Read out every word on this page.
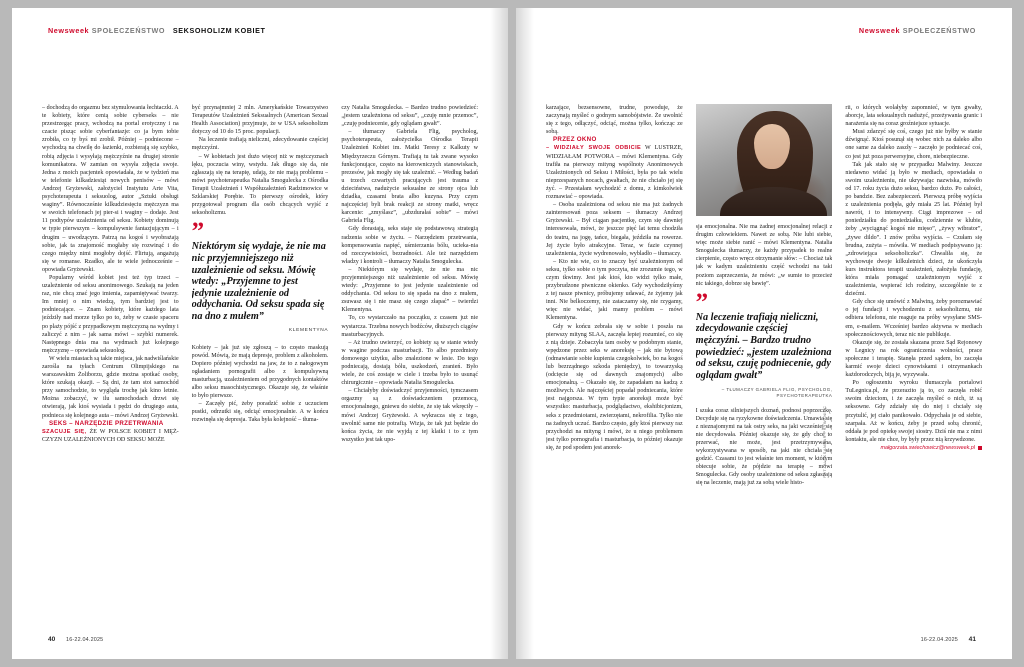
Newsweek SPOŁECZEŃSTWO SEKSOHOLIZM KOBIET

– dochodzą do orgazmu bez stymulowania łechtaczki. A te kobiety, które cenią sobie cyberseks – nie przestrzegąc pracy, wchodzą na portal erotyczny i na czacie pisząc sobie cyberfantazje: co ja bym tobie zrobiła, co ty byś mi zrobił. Później – podniecone – wychodzą na chwilę do łazienki, rozbierają się szybko, robią zdjęcia i wysyłają mężczyźnie na drugiej stronie komunikatora. W zamian on wysyła zdjęcia swoje. Jedna z moich pacjentek opowiadała, że w tydzień ma w telefonie kilkadziesiąt nowych penisów – mówi Andrzej Gryżewski, założyciel Instytutu Arte Vita, psychoterapeuta i seksuolog, autor „Sztuki obsługi waginy”. Równocześnie kilkudziesięciu mężczyzn ma w swoich telefonach jej pier-si i waginy – dodaje. Jest 11 podtypów uzależnienia od seksu. Kobiety dominują w typie pierwszym – kompulsywnie fantazjującym – i drugim – uwodzącym. Patrzą na kogoś i wyobrażają sobie, jak ta znajomość mogłaby się rozwinąć i do czego między nimi mogłoby dojść. Flirtują, angażują się w romanse. Rzadko, ale te wiele jednocześnie – opowiada Gryżewski.

Popularny wśród kobiet jest też typ trzeci – uzależnienie od seksu anonimowego. Szukają na jeden raz, nie chcą znać jego imienia, zapamiętywać twarzy. Im mniej o nim wiedzą, tym bardziej jest to podniecające. – Znam kobiety, które każdego lata jeździły nad morze tylko po to, żeby w czasie spaceru po plaży pójść z przypadkowym mężczyzną na wydmy i zaliczyć z nim – jak sama mówi – szybki numerek. Następnego dnia ma na wydmach już kolejnego mężczyznę – opowiada seksuolog.

W wielu miastach są takie miejsca, jak nadwiślańskie zarośla na tyłach Centrum Olimpijskiego na warszawskim Żoliborzu, gdzie można spotkać osoby, które szukają okazji. – Są dni, że tam stoi samochód przy samochodzie, to wygląda trochę jak kino letnie. Można zobaczyć, w ilu samochodach drzwi się otwierają, jak ktoś wysiada i pędzi do drugiego auta, podnieca się kolejnego auta – mówi Andrzej Gryżewski.

SEKS – NARZĘDZIE PRZETRWANIA

SZACUJE SIĘ, ŻE W POLSCE KOBIET I MĘŻ-CZYZN UZALEŻNIONYCH OD SEKSU MOŻE

być przynajmniej 2 mln. Amerykańskie Towarzystwo Terapeutów Uzależnień Seksualnych (American Sexual Health Association) przyjmuje, że w USA seksoholizm dotyczy od 10 do 15 proc. populacji.

Na leczenie trafiają nieliczni, zdecydowanie częściej mężczyźni.

– W kobietach jest dużo więcej niż w mężczyznach lęku, poczucia winy, wstydu. Jak długo się da, nie zgłaszają się na terapię, udają, że nie mają problemu – mówi psychoterapeutka Natalia Smogulecka z Ośrodka Terapii Uzależnień i Współuzależnień Radzimowice w Szklarskiej Porębie. To pierwszy ośrodek, który przygotował program dla osób chcących wyjść z seksoholizmu.

”
Niektórym się wydaje, że nie ma nic przyjemniejszego niż uzależnienie od seksu. Mówię wtedy: „Przyjemne to jest jedynie uzależnienie od oddychania. Od seksu spada się na dno z mułem”
KLEMENTYNA

Kobiety – jak już się zgłoszą – to często maskują powód. Mówią, że mają depresje, problem z alkoholem. Dopiero później wychodzi na jaw, że to z nałogowym ogładaniem pornografii albo z kompulsywną masturbacją, uzależnieniem od przygodnych kontaktów albo seksu masochistycznego. Okazuje się, że właśnie to było pierwsze.

– Zaczęły pić, żeby poradzić sobie z uczuciem pustki, odrzutki się, odciąć emocjonalnie. A w końcu rozwinęła się depresja. Taka była kolejność – tłuma-

czy Natalia Smogulecka. – Bardzo trudno powiedzieć: „jestem uzależniona od seksu”, „czuję mnie przemoc”, „czuję podniecenie, gdy oglądam gwałt”.

– tłumaczy Gabriela Flig, psycholog, psychoterapeuta, założycielka Ośrodka Terapii Uzależnień Kobiet im. Matki Teresy z Kalkuty w Międzyrzeczu Górnym. Trafiają tu tak zwane wysoko funkcjonujące, często na kierowniczych stanowiskach, prezesów, jak mogły się tak uzależnić. – Według badań u trzech czwartych pracujących jest trauma z dzieciństwa, nadużycie seksualne ze strony ojca lub dziadka, czasami brata albo kuzyna. Przy czym najczęściej byli brak reakcji ze strony matki, wręcz karcenie: „zmyślasz”, „ubzdurałaś sobie” – mówi Gabriela Flig.

Gdy dorastają, seks staje się podstawową strategią radzenia sobie w życiu. – Narzędziem przetrwania, kompensowania napięć, uśmierzania bólu, ucieka-nia od rzeczywistości, bezradności. Ale też narzędziem władzy i kontroli – tłumaczy Natalia Smogulecka.

– Niektórym się wydaje, że nie ma nic przyjemniejszego niż uzależnienie od seksu. Mówię wtedy: „Przyjemne to jest jedynie uzależnienie od oddychania. Od seksu to się spada na dno z mułem, zsuwasz się i nie masz się czego złapać” – twierdzi Klementyna.

To, co wystarczało na początku, z czasem już nie wystarcza. Trzebna nowych bodźców, dłuższych ciągów masturbacyjnych.

– Aż trudno uwierzyć, co kobiety są w stanie wtedy w wagine podczas masturbacji. To albo przedmioty domowego użytku, albo znalezione w lesie. Do tego podniecają, dostają bólu, uszkodzeń, zranień. Było wiele, że coś zostaje w ciele i trzeba było to usunąć chirurgicznie – opowiada Natalia Smogulecka.

– Chciałyby doświadczyć przyjemności, tymczasem orgazmy są z doświadczeniem przemocą, emocjonalnego, gniewu do siebie, że się tak wkręciły – mówi Andrzej Gryżewski. A wykracza się z tego, uwolnić same nie potrafią. Wizja, że tak już będzie do końca życia, że nie wyjdą z tej klatki i to z tym wszystko jest tak upo-

40 16-22.04.2025
Newsweek SPOŁECZEŃSTWO

karzające, bezsensowne, trudne, powoduje, że zaczynają myśleć o godnym samobójstwie. Że uwolnić się z tego, odłączyć, odciąć, można tylko, kończąc ze sobą.

PRZEZ OKNO

– WIDZIAŁY SWOJE ODBICIE W LUSTRZE, WIDZIAŁAM POTWORA – mówi Klementyna. Gdy trafiła na pierwszy mityng wspólnoty Anonimowych Uzależnionych od Seksu i Miłości, była po tak wielu nieprzespanych nocach, gwałtach, że nie chciało jej się żyć. – Przestałam wychodzić z domu, z kimkolwiek rozmawiać – opowiada.

– Osoba uzależniona od seksu nie ma już żadnych zainteresowań poza seksem – tłumaczy Andrzej Gryżewski. – Był ciągan pacjentkę, czym się dawniej interesowała, mówi, że jeszcze pięć lat temu chodziła do teatru, na jogę, tańce, biegała, jeździła na rowerze. Jej życie było atrakcyjne. Teraz, w fazie czynnej uzależnienia, życie wydrenowało, wybladło – tłumaczy.

– Kto nie wie, co to znaczy być uzależnionym od seksu, tylko sobie o tym poczyta, nie zrozumie tego, w czym tkwimy. Jest jak ktoś, kto widzi tylko małe, przybrudzone piwniczne okienko. Gdy wychodziłyśmy z tej nasze piwnicy, próbujemy udawać, że żyjemy jak inni. Nie belkoczemy, nie zataczamy się, nie rzygamy, więc nie widać, jaki mamy problem – mówi Klementyna.

Gdy w końcu zebrała się w sobie i poszła na pierwszy mityng SLAA, zaczęła lepiej rozumieć, co się z nią dzieje. Zobaczyła tam osoby w podobnym stanie, wpędzone przez seks w anoreksję – jak nie bytową (odmawianie sobie kupienia czegokolwiek, bo na kogoś lub bezrządnego szkoda pieniędzy), to towarzyską (odcięcie się od dawnych znajomych) albo emocjonalną. – Okazało się, że zapadałam na kadzą z możliwych. Ale najczęściej popadał podniecania, które jest najgorsza. W tym typie anoreksji może być wszystko: masturbacja, podglądactwo, ekshibicjonizm, seks z przedmiotami, zwierzętami, nekrofilia. Tylko nie na żadnych uczuć. Bardzo często, gdy ktoś pierwszy raz przychodzi na mityng i mówi, że u niego problemem jest tylko pornografia i masturbacja, to później okazuje się, że pod spodem jest anorek-

sja emocjonalna. Nie ma żadnej emocjonalnej relacji z drugim człowiekiem. Nawet ze sobą. Nie lubi siebie, więc może siebie ranić – mówi Klementyna. Natalia Smogulecka tłumaczy, że każdy przypadek to realne cierpienie, często wręcz otrzymanie słów: – Chociaż tak jak w kadym uzależnieniu część wchodzi na taki poziom zaprzeczenia, że mówi: „w sumie to przecież nic takiego, dobrze się bawię”.

”
Na leczenie trafiają nieliczni, zdecydowanie częściej mężczyźni. – Bardzo trudno powiedzieć: „jestem uzależniona od seksu, czuję podniecenie, gdy oglądam gwałt”
– TŁUMACZY GABRIELA FLIG, PSYCHOLOG, PSYCHOTERAPEUTKA

I szuka coraz silniejszych doznań, podnosi poprzeczkę. Decyduje się na ryzykowne doświadczenia. Umawia się z nieznajomymi na tak ostry seks, na jaki wcześniej się nie decydowała. Później okazuje się, że gdy chce to przerwać, nie może, jest przetrzymywana, wykorzystywana w sposób, na jaki nie chciała się godzić. Czasami to jest właśnie ten moment, w którym obiecuje sobie, że pójdzie na terapię – mówi Smogulecka. Gdy osoby uzależnione od seksu zgłaszają się na leczenie, mają już za sobą wiele histo-

rii, o których wolałyby zapomnieć, w tym gwałty, aborcje, lata seksualnych nadużyć, przeżywania granic i narażenia się na coraz groźniejsze sytuacje.

Musi zdarzyć się coś, czego już nie byłby w stanie dźwignąć. Ktoś posunął się wobec nich za daleko albo one same za daleko zaszły – zaczęło je podniecać coś, co jest już poza perwersyjne, chore, niebezpieczne.

Tak jak stało się w przypadku Malwiny. Jeszcze niedawno widać ją było w mediach, opowiadała o swoim uzależnieniu, nie ukrywając nazwiska, mówiło od 17. roku życia dużo seksu, bardzo dużo. Po całości, po bandzie. Bez zabezpieczeń. Pierwszą próbę wyjścia z uzależnienia podjęła, gdy miała 25 lat. Później był nawrót, i to intensywny. Ciągi imprezowe – od poniedziałku do poniedziałku, codziennie w klubie, żeby „wyciągnąć kogoś nie mięso”, „żywy wibrator”, „żywe dildo”. I znów próba wyjścia. – Czułam się brudna, zużyta – mówiła. W mediach podpisywano ją: „zdrowiejąca seksoholiczka”. Chwaliła się, że wychowuje dwoje kilkuletnich dzieci, że ukończyła kurs instruktora terapii uzależnień, założyła fundację, która miała pomagać uzależnionym wyjść z uzależnienia, wspierać ich rodziny, szczególnie te z dziećmi.

Gdy chce się umówić z Malwiną, żeby porozmawiać o jej fundacji i wychodzeniu z seksoholizmu, nie odbiera telefonu, nie reaguje na próby wysyłane SMS-em, e-mailem. Wcześniej bardzo aktywna w mediach społecznościowych, teraz nic nie publikuje.

Okazuje się, że została skazana przez Sąd Rejonowy w Legnicy na rok ograniczenia wolności, prace społeczne i terapię. Stanęła przed sądem, bo zaczęła karmić swoje dzieci cynowiskami i otrzymankach każdorodczych, biją je, wyzywała.

Po ogłoszeniu wyroku tłumaczyła portalowi TuLegnica.pl, że przerazito ją to, co zaczęła robić swoim dzieciom, i że zaczęła myśleć o nich, iż są seksowne. Gdy zdziały się do niej i chciały się przytulić, jej ciało panikowało. Odpychała je od siebie, szarpała. Aż w końcu, żeby je przed sobą chronić, oddała je pod opiekę swojej siostry. Dziś nie ma z nimi kontaktu, ale nie chce, by były przez nią krzywdzone.

małgorzata.swiechowicz@newsweek.pl

FOT. ALEKSANDAR PRYWANIEC
41
16-22.04.2025
